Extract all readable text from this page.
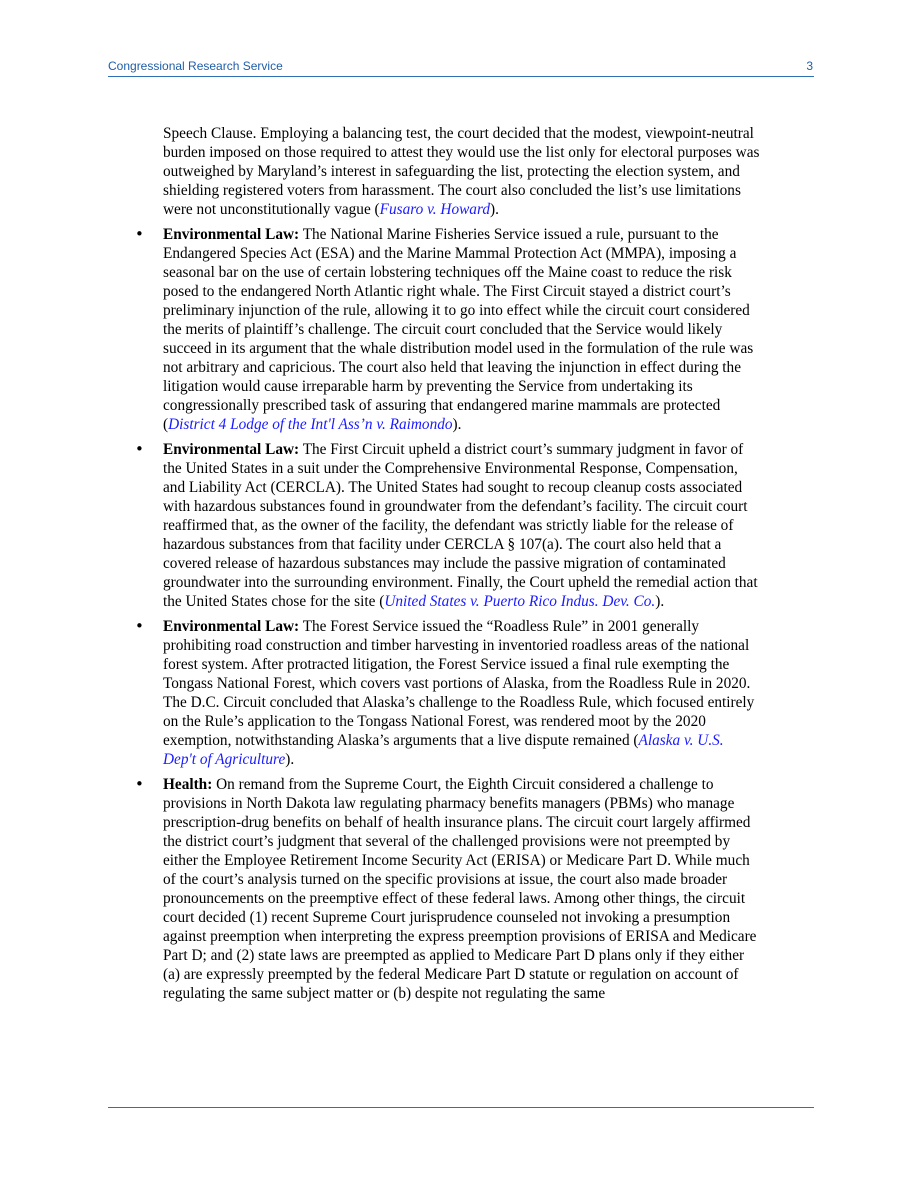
Congressional Research Service	3

Speech Clause. Employing a balancing test, the court decided that the modest, viewpoint-neutral burden imposed on those required to attest they would use the list only for electoral purposes was outweighed by Maryland’s interest in safeguarding the list, protecting the election system, and shielding registered voters from harassment. The court also concluded the list’s use limitations were not unconstitutionally vague (Fusaro v. Howard).

• Environmental Law: The National Marine Fisheries Service issued a rule, pursuant to the Endangered Species Act (ESA) and the Marine Mammal Protection Act (MMPA), imposing a seasonal bar on the use of certain lobstering techniques off the Maine coast to reduce the risk posed to the endangered North Atlantic right whale. The First Circuit stayed a district court’s preliminary injunction of the rule, allowing it to go into effect while the circuit court considered the merits of plaintiff’s challenge. The circuit court concluded that the Service would likely succeed in its argument that the whale distribution model used in the formulation of the rule was not arbitrary and capricious. The court also held that leaving the injunction in effect during the litigation would cause irreparable harm by preventing the Service from undertaking its congressionally prescribed task of assuring that endangered marine mammals are protected (District 4 Lodge of the Int'l Ass’n v. Raimondo).
• Environmental Law: The First Circuit upheld a district court’s summary judgment in favor of the United States in a suit under the Comprehensive Environmental Response, Compensation, and Liability Act (CERCLA). The United States had sought to recoup cleanup costs associated with hazardous substances found in groundwater from the defendant’s facility. The circuit court reaffirmed that, as the owner of the facility, the defendant was strictly liable for the release of hazardous substances from that facility under CERCLA § 107(a). The court also held that a covered release of hazardous substances may include the passive migration of contaminated groundwater into the surrounding environment. Finally, the Court upheld the remedial action that the United States chose for the site (United States v. Puerto Rico Indus. Dev. Co.).
• Environmental Law: The Forest Service issued the “Roadless Rule” in 2001 generally prohibiting road construction and timber harvesting in inventoried roadless areas of the national forest system. After protracted litigation, the Forest Service issued a final rule exempting the Tongass National Forest, which covers vast portions of Alaska, from the Roadless Rule in 2020. The D.C. Circuit concluded that Alaska’s challenge to the Roadless Rule, which focused entirely on the Rule’s application to the Tongass National Forest, was rendered moot by the 2020 exemption, notwithstanding Alaska’s arguments that a live dispute remained (Alaska v. U.S. Dep't of Agriculture).
• Health: On remand from the Supreme Court, the Eighth Circuit considered a challenge to provisions in North Dakota law regulating pharmacy benefits managers (PBMs) who manage prescription-drug benefits on behalf of health insurance plans. The circuit court largely affirmed the district court’s judgment that several of the challenged provisions were not preempted by either the Employee Retirement Income Security Act (ERISA) or Medicare Part D. While much of the court’s analysis turned on the specific provisions at issue, the court also made broader pronouncements on the preemptive effect of these federal laws. Among other things, the circuit court decided (1) recent Supreme Court jurisprudence counseled not invoking a presumption against preemption when interpreting the express preemption provisions of ERISA and Medicare Part D; and (2) state laws are preempted as applied to Medicare Part D plans only if they either (a) are expressly preempted by the federal Medicare Part D statute or regulation on account of regulating the same subject matter or (b) despite not regulating the same
